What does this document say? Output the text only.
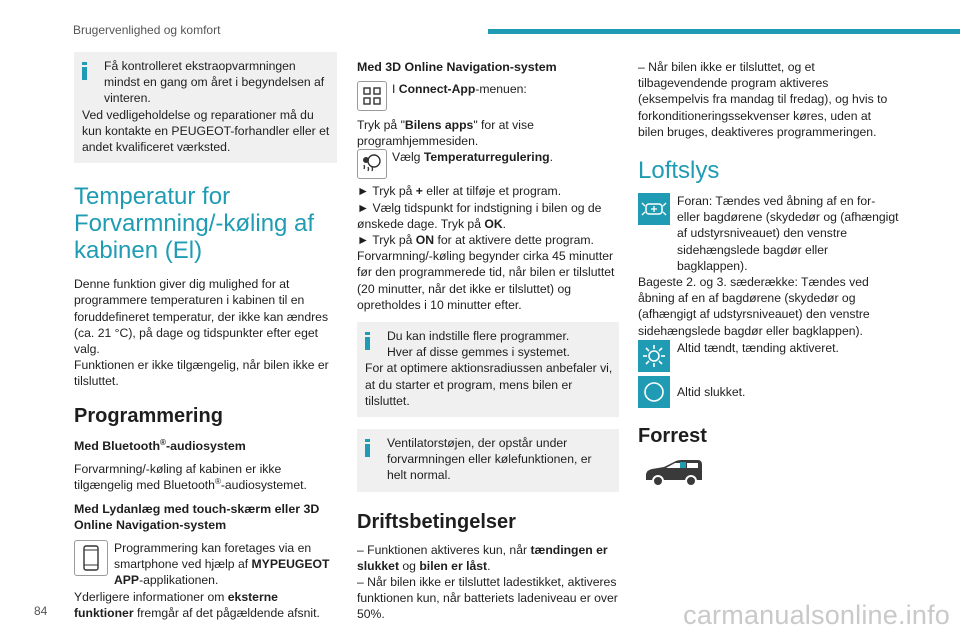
Brugervenlighed og komfort
84	carmanualsonline.info

Få kontrolleret ekstraopvarmningen

mindst en gang om året i begyndelsen af vinteren.

Ved vedligeholdelse og reparationer må du kun kontakte en PEUGEOT-forhandler eller et andet kvalificeret værksted.

Temperatur for Forvarmning/-køling af kabinen (El)

Denne funktion giver dig mulighed for at programmere temperaturen i kabinen til en foruddefineret temperatur, der ikke kan ændres (ca. 21 °C), på dage og tidspunkter efter eget valg.

Funktionen er ikke tilgængelig, når bilen ikke er tilsluttet.

Programmering
Med Bluetooth®-audiosystem

Forvarmning/-køling af kabinen er ikke tilgængelig med Bluetooth®-audiosystemet.

Med Lydanlæg med touch-skærm eller 3D Online Navigation-system

Programmering kan foretages via en smartphone ved hjælp af MYPEUGEOT APP-applikationen.

Yderligere informationer om eksterne funktioner fremgår af det pågældende afsnit.

Med 3D Online Navigation-system

I Connect-App-menuen:

Tryk på "Bilens apps" for at vise programhjemmesiden.

Vælg Temperaturregulering.

► Tryk på + eller at tilføje et program.

► Vælg tidspunkt for indstigning i bilen og de ønskede dage. Tryk på OK.

► Tryk på ON for at aktivere dette program.

Forvarmning/-køling begynder cirka 45 minutter før den programmerede tid, når bilen er tilsluttet (20 minutter, når det ikke er tilsluttet) og opretholdes i 10 minutter efter.

Du kan indstille flere programmer.

Hver af disse gemmes i systemet.

For at optimere aktionsradiussen anbefaler vi, at du starter et program, mens bilen er tilsluttet.

Ventilatorstøjen, der opstår under

forvarmningen eller kølefunktionen, er helt normal.

Driftsbetingelser

– Funktionen aktiveres kun, når tændingen er slukket og bilen er låst.

– Når bilen ikke er tilsluttet ladestikket, aktiveres funktionen kun, når batteriets ladeniveau er over 50%.

– Når bilen ikke er tilsluttet, og et tilbagevendende program aktiveres (eksempelvis fra mandag til fredag), og hvis to forkonditioneringssekvenser køres, uden at bilen bruges, deaktiveres programmeringen.

Loftslys

Foran: Tændes ved åbning af en for- eller bagdørene (skydedør og (afhængigt af udstyrsniveauet) den venstre sidehængslede bagdør eller bagklappen).

Bageste 2. og 3. sæderække: Tændes ved åbning af en af bagdørene (skydedør og (afhængigt af udstyrsniveauet) den venstre sidehængslede bagdør eller bagklappen).

Altid tændt, tænding aktiveret.

Altid slukket.

Forrest
